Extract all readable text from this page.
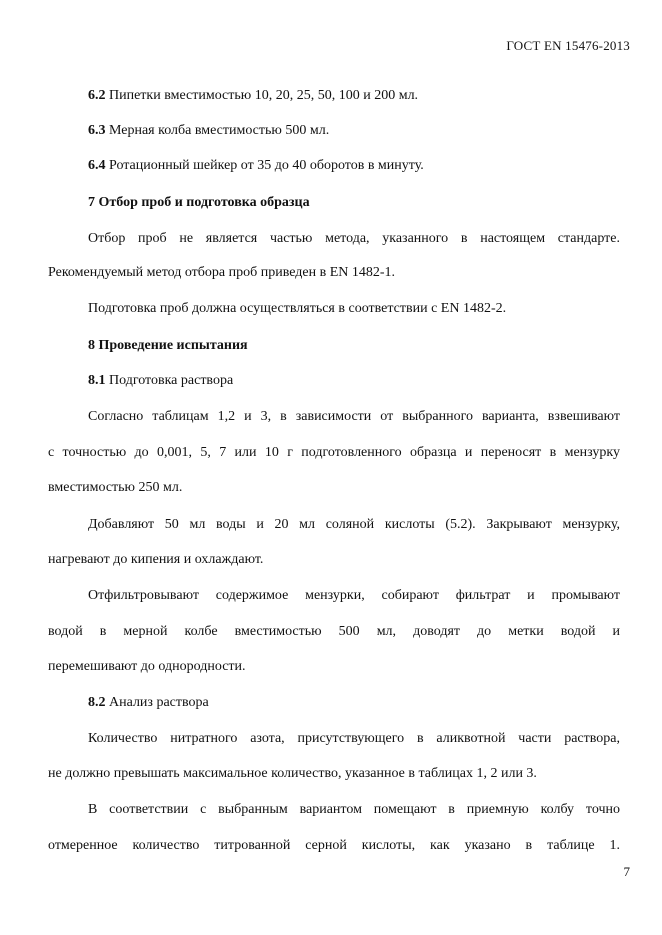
ГОСТ EN 15476-2013
6.2 Пипетки вместимостью 10, 20, 25, 50, 100 и 200 мл.
6.3 Мерная колба вместимостью 500 мл.
6.4 Ротационный шейкер от 35 до 40 оборотов в минуту.
7 Отбор проб и подготовка образца
Отбор проб не является частью метода, указанного в настоящем стандарте.
Рекомендуемый метод отбора проб приведен в EN 1482-1.
Подготовка проб должна осуществляться в соответствии с EN 1482-2.
8 Проведение испытания
8.1 Подготовка раствора
Согласно таблицам 1,2 и 3, в зависимости от выбранного варианта, взвешивают
с точностью до 0,001, 5, 7 или 10 г подготовленного образца и переносят в мензурку
вместимостью 250 мл.
Добавляют 50 мл воды и 20 мл соляной кислоты (5.2). Закрывают мензурку,
нагревают до кипения и охлаждают.
Отфильтровывают содержимое мензурки, собирают фильтрат и промывают
водой в мерной колбе вместимостью 500 мл, доводят до метки водой и
перемешивают до однородности.
8.2 Анализ раствора
Количество нитратного азота, присутствующего в аликвотной части раствора,
не должно превышать максимальное количество, указанное в таблицах 1, 2 или 3.
В соответствии с выбранным вариантом помещают в приемную колбу точно
отмеренное количество титрованной серной кислоты, как указано в таблице 1.
7
